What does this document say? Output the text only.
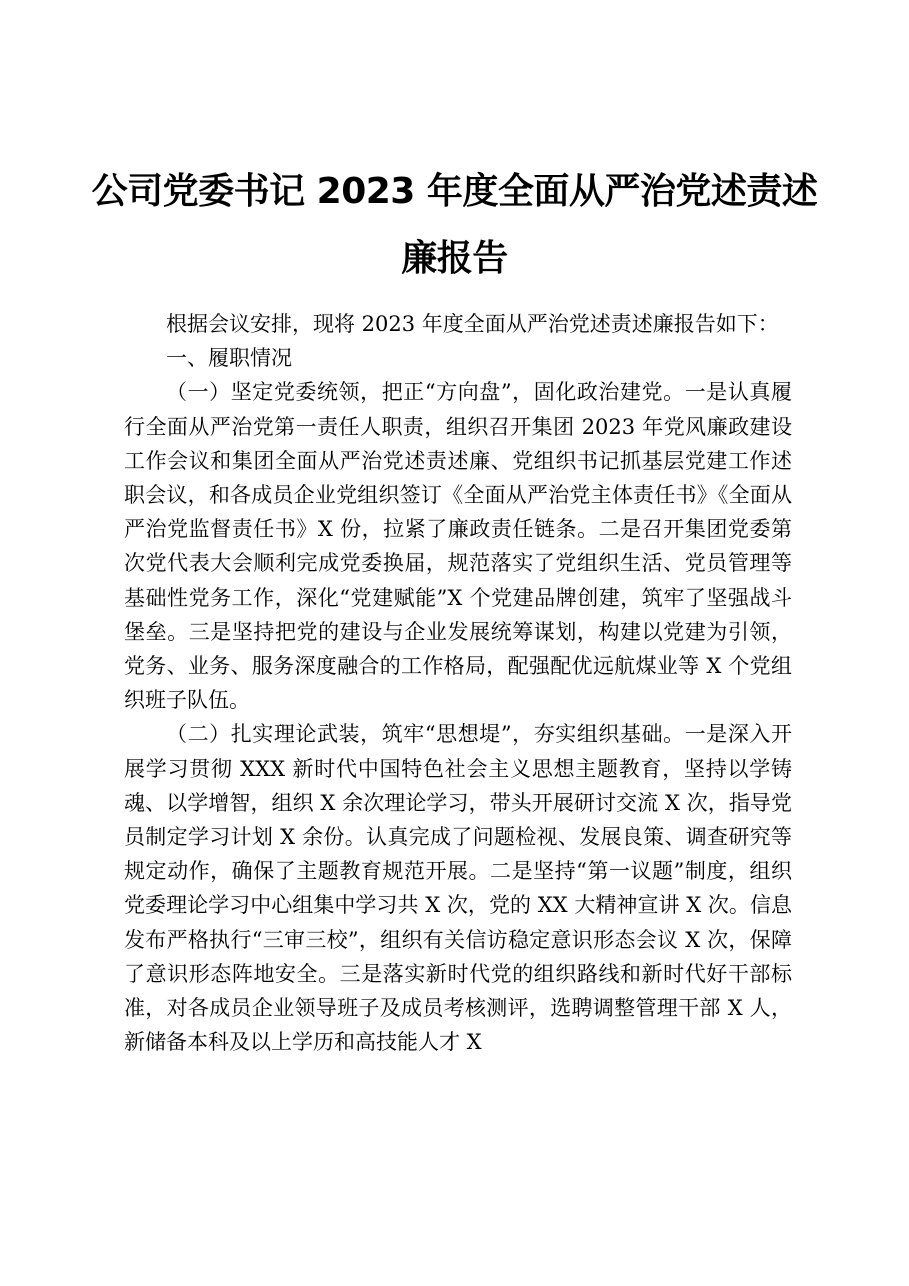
公司党委书记 2023 年度全面从严治党述责述
廉报告

根据会议安排，现将 2023 年度全面从严治党述责述廉报告如下：

一、履职情况

（一）坚定党委统领，把正“方向盘”，固化政治建党。一是认真履行全面从严治党第一责任人职责，组织召开集团 2023 年党风廉政建设工作会议和集团全面从严治党述责述廉、党组织书记抓基层党建工作述职会议，和各成员企业党组织签订《全面从严治党主体责任书》《全面从严治党监督责任书》X 份，拉紧了廉政责任链条。二是召开集团党委第次党代表大会顺利完成党委换届，规范落实了党组织生活、党员管理等基础性党务工作，深化“党建赋能”X 个党建品牌创建，筑牢了坚强战斗堡垒。三是坚持把党的建设与企业发展统筹谋划，构建以党建为引领，党务、业务、服务深度融合的工作格局，配强配优远航煤业等 X 个党组织班子队伍。

（二）扎实理论武装，筑牢“思想堤”，夯实组织基础。一是深入开展学习贯彻 XXX 新时代中国特色社会主义思想主题教育，坚持以学铸魂、以学增智，组织 X 余次理论学习，带头开展研讨交流 X 次，指导党员制定学习计划 X 余份。认真完成了问题检视、发展良策、调查研究等规定动作，确保了主题教育规范开展。二是坚持“第一议题”制度，组织党委理论学习中心组集中学习共 X 次，党的 XX 大精神宣讲 X 次。信息发布严格执行“三审三校”，组织有关信访稳定意识形态会议 X 次，保障了意识形态阵地安全。三是落实新时代党的组织路线和新时代好干部标准，对各成员企业领导班子及成员考核测评，选聘调整管理干部 X 人，新储备本科及以上学历和高技能人才 X
